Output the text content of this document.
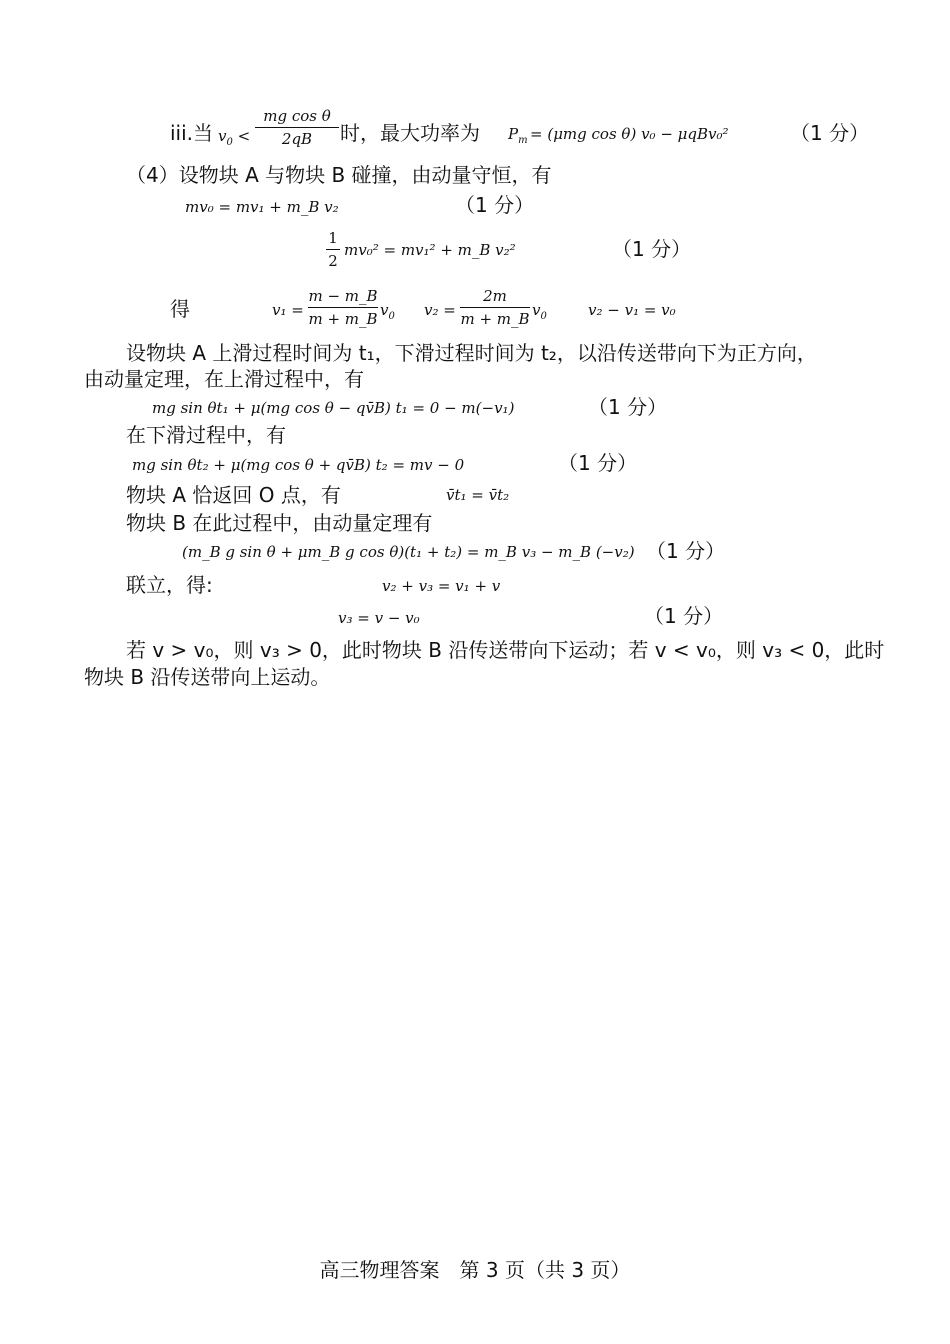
iii.当 $v_0$ <
mg cos θ
2qB	时，最大功率为 $P_m = (\mu mg$ cos θ) v₀ − μqBv₀²	（1 分）
（4）设物块 A 与物块 B 碰撞，由动量守恒，有
mv₀ = mv₁ + m_B v₂	（1 分）
1
2
mv₀² = mv₁² + m_B v₂²	（1 分）
得	v₁ =
m − m_B
m + m_B $v_0$ v₂ =
2m
m + m_B $v_0$	v₂ − v₁ = v₀
设物块 A 上滑过程时间为 t₁，下滑过程时间为 t₂，以沿传送带向下为正方向，
由动量定理，在上滑过程中，有
mg sin θt₁ + μ(mg cos θ − qv̄B) t₁ = 0 − m(−v₁)	（1 分）
在下滑过程中，有
mg sin θt₂ + μ(mg cos θ + qv̄B) t₂ = mv − 0	（1 分）
物块 A 恰返回 O 点，有	v̄t₁ = v̄t₂
物块 B 在此过程中，由动量定理有
(m_B g sin θ + μm_B g cos θ)(t₁ + t₂) = m_B v₃ − m_B (−v₂) （1 分）
联立，得:	v₂ + v₃ = v₁ + v
v₃ = v − v₀	（1 分）
若 v > v₀，则 v₃ > 0，此时物块 B 沿传送带向下运动；若 v < v₀，则 v₃ < 0，此时
物块 B 沿传送带向上运动。
高三物理答案　第 3 页（共 3 页）
